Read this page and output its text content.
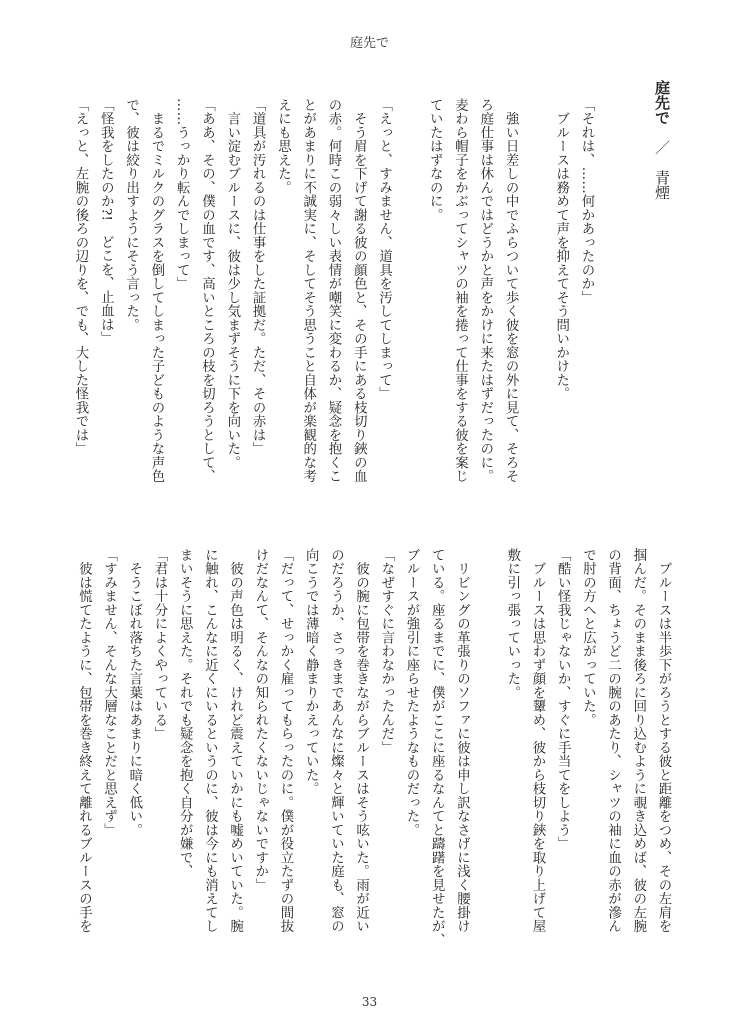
庭先で
庭先で ／ 青煙
「それは、……何かあったのか」
　ブルースは務めて声を抑えてそう問いかけた。
　強い日差しの中でふらついて歩く彼を窓の外に見て、そろそ
ろ庭仕事は休んではどうかと声をかけに来たはずだったのに。
麦わら帽子をかぶってシャツの袖を捲って仕事をする彼を案じ
ていたはずなのに。
「えっと、すみません、道具を汚してしまって」
　そう眉を下げて謝る彼の顔色と、その手にある枝切り鋏の血
の赤。何時この弱々しい表情が嘲笑に変わるか、疑念を抱くこ
とがあまりに不誠実に、そしてそう思うこと自体が楽観的な考
えにも思えた。
「道具が汚れるのは仕事をした証拠だ。ただ、その赤は」
　言い淀むブルースに、彼は少し気まずそうに下を向いた。
「ああ、その、僕の血です、高いところの枝を切ろうとして、
……うっかり転んでしまって」
　まるでミルクのグラスを倒してしまった子どものような声色
で、彼は絞り出すようにそう言った。
「怪我をしたのか?!　どこを、止血は」
「えっと、左腕の後ろの辺りを、でも、大した怪我では」
　ブルースは半歩下がろうとする彼と距離をつめ、その左肩を
掴んだ。そのまま後ろに回り込むように覗き込めば、彼の左腕
の背面、ちょうど二の腕のあたり、シャツの袖に血の赤が滲ん
で肘の方へと広がっていた。
「酷い怪我じゃないか、すぐに手当てをしよう」
　ブルースは思わず顔を顰め、彼から枝切り鋏を取り上げて屋
敷に引っ張っていった。
　リビングの革張りのソファに彼は申し訳なさげに浅く腰掛け
ている。座るまでに、僕がここに座るなんてと躊躇を見せたが、
ブルースが強引に座らせたようなものだった。
「なぜすぐに言わなかったんだ」
　彼の腕に包帯を巻きながらブルースはそう呟いた。雨が近い
のだろうか、さっきまであんなに燦々と輝いていた庭も、窓の
向こうでは薄暗く静まりかえっていた。
「だって、せっかく雇ってもらったのに。僕が役立たずの間抜
けだなんて、そんなの知られたくないじゃないですか」
　彼の声色は明るく、けれど震えていかにも嘘めいていた。腕
に触れ、こんなに近くにいるというのに、彼は今にも消えてし
まいそうに思えた。それでも疑念を抱く自分が嫌で、
「君は十分によくやっている」
　そうこぼれ落ちた言葉はあまりに暗く低い。
「すみません、そんな大層なことだと思えず」
　彼は慌てたように、包帯を巻き終えて離れるブルースの手を
33
